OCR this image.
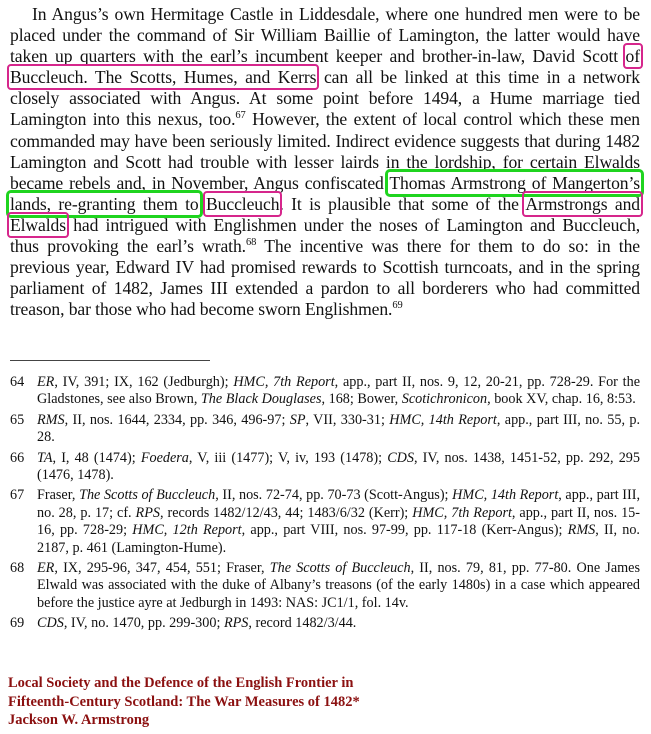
In Angus’s own Hermitage Castle in Liddesdale, where one hundred men were to be placed under the command of Sir William Baillie of Lamington, the latter would have taken up quarters with the earl’s incumbent keeper and brother-in-law, David Scott of Buccleuch. The Scotts, Humes, and Kerrs can all be linked at this time in a network closely associated with Angus. At some point before 1494, a Hume marriage tied Lamington into this nexus, too.$^{67}$ However, the extent of local control which these men commanded may have been seriously limited. Indirect evidence suggests that during 1482 Lamington and Scott had trouble with lesser lairds in the lordship, for certain Elwalds became rebels and, in November, Angus confiscated Thomas Armstrong of Mangerton’s lands, re-granting them to Buccleuch. It is plausible that some of the Armstrongs and Elwalds had intrigued with Englishmen under the noses of Lamington and Buccleuch, thus provoking the earl’s wrath.$^{68}$ The incentive was there for them to do so: in the previous year, Edward IV had promised rewards to Scottish turncoats, and in the spring parliament of 1482, James III extended a pardon to all borderers who had committed treason, bar those who had become sworn Englishmen.$^{69}$

64 ER, IV, 391; IX, 162 (Jedburgh); HMC, 7th Report, app., part II, nos. 9, 12, 20-21, pp. 728-29. For the Gladstones, see also Brown, The Black Douglases, 168; Bower, Scotichronicon, book XV, chap. 16, 8:53.
65 RMS, II, nos. 1644, 2334, pp. 346, 496-97; SP, VII, 330-31; HMC, 14th Report, app., part III, no. 55, p. 28.
66 TA, I, 48 (1474); Foedera, V, iii (1477); V, iv, 193 (1478); CDS, IV, nos. 1438, 1451-52, pp. 292, 295 (1476, 1478).
67 Fraser, The Scotts of Buccleuch, II, nos. 72-74, pp. 70-73 (Scott-Angus); HMC, 14th Report, app., part III, no. 28, p. 17; cf. RPS, records 1482/12/43, 44; 1483/6/32 (Kerr); HMC, 7th Report, app., part II, nos. 15-16, pp. 728-29; HMC, 12th Report, app., part VIII, nos. 97-99, pp. 117-18 (Kerr-Angus); RMS, II, no. 2187, p. 461 (Lamington-Hume).
68 ER, IX, 295-96, 347, 454, 551; Fraser, The Scotts of Buccleuch, II, nos. 79, 81, pp. 77-80. One James Elwald was associated with the duke of Albany’s treasons (of the early 1480s) in a case which appeared before the justice ayre at Jedburgh in 1493: NAS: JC1/1, fol. 14v.
69 CDS, IV, no. 1470, pp. 299-300; RPS, record 1482/3/44.
Local Society and the Defence of the English Frontier in
Fifteenth-Century Scotland: The War Measures of 1482*
Jackson W. Armstrong
